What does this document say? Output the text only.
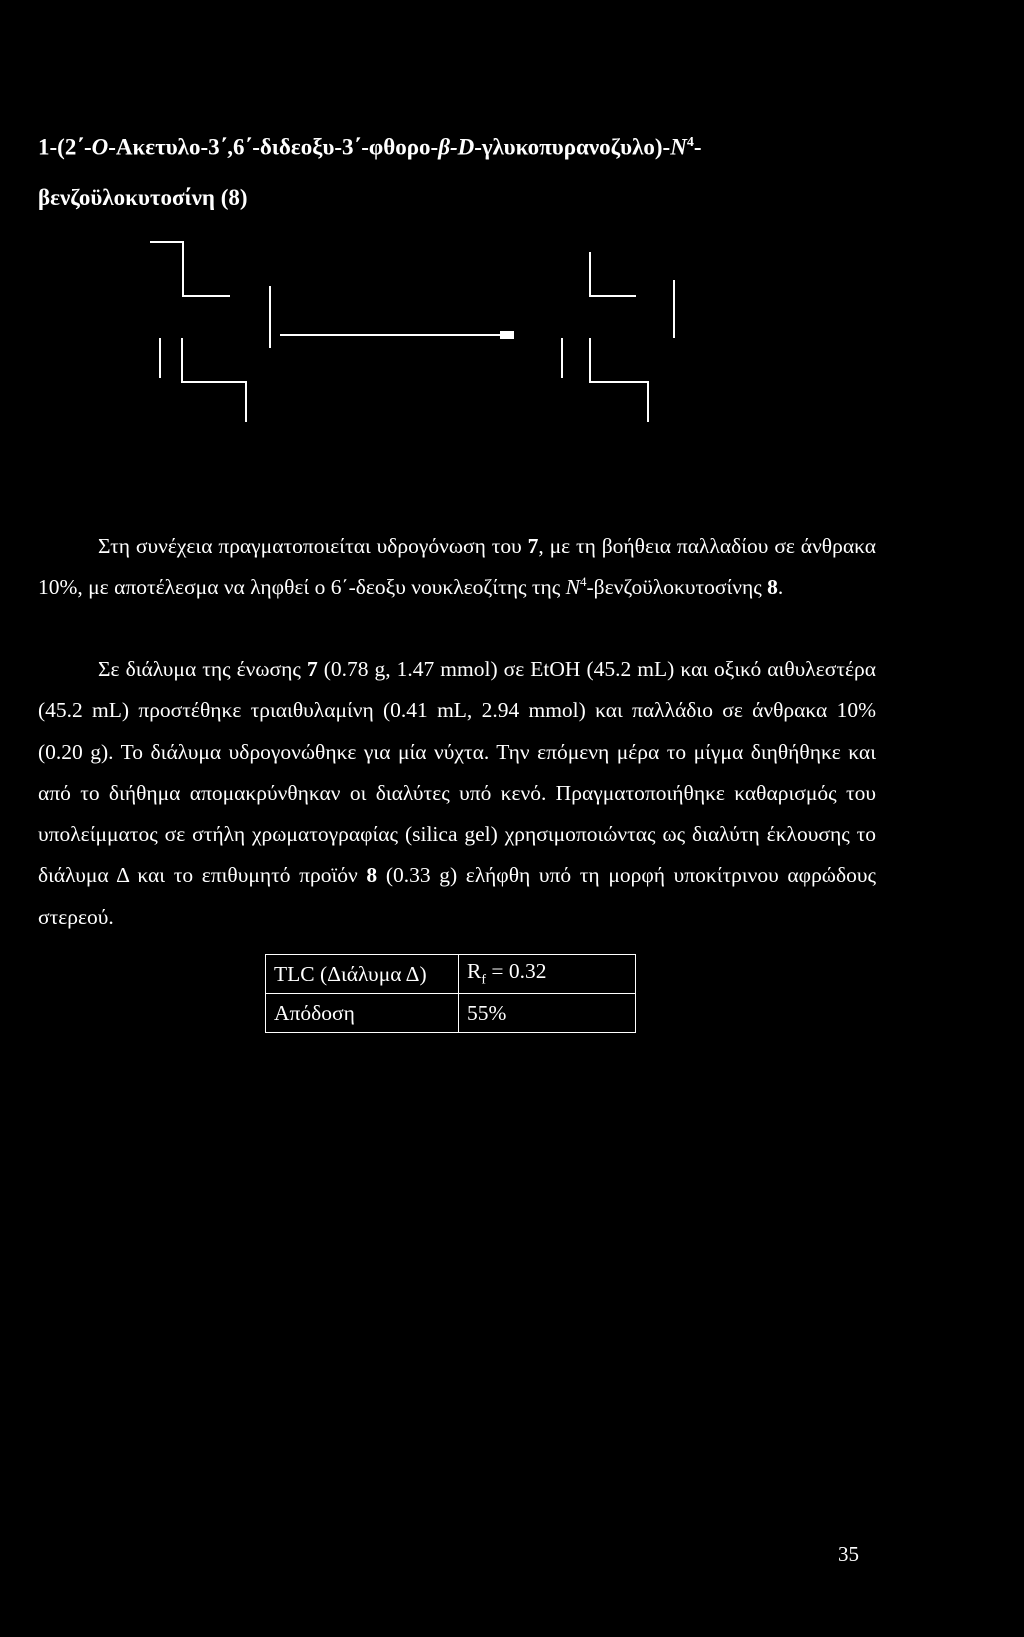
$1-(2΄-O-A\kappa\varepsilon\tau\upsilon\lambda o-3΄,6΄-\delta\iota\delta\varepsilon o\xi\upsilon-3΄-\varphi\theta o\rho o-\beta-D-\gamma\lambda\upsilon\kappa o\pi\upsilon\rho\alpha\nu o\zeta\upsilon\lambda o)-N^4-$
βενζοϋλοκυτοσίνη (8)

Στη συνέχεια πραγματοποιείται υδρογόνωση του 7, με τη βοήθεια παλλαδίου σε άνθρακα 10%, με αποτέλεσμα να ληφθεί ο 6΄-δεοξυ νουκλεοζίτης της $N^4$-βενζοϋλοκυτοσίνης 8.

Σε διάλυμα της ένωσης 7 (0.78 g, 1.47 mmol) σε EtOH (45.2 mL) και οξικό αιθυλεστέρα (45.2 mL) προστέθηκε τριαιθυλαμίνη (0.41 mL, 2.94 mmol) και παλλάδιο σε άνθρακα 10% (0.20 g). Το διάλυμα υδρογονώθηκε για μία νύχτα. Την επόμενη μέρα το μίγμα διηθήθηκε και από το διήθημα απομακρύνθηκαν οι διαλύτες υπό κενό. Πραγματοποιήθηκε καθαρισμός του υπολείμματος σε στήλη χρωματογραφίας (silica gel) χρησιμοποιώντας ως διαλύτη έκλουσης το διάλυμα Δ και το επιθυμητό προϊόν 8 (0.33 g) ελήφθη υπό τη μορφή υποκίτρινου αφρώδους στερεού.

TLC (Διάλυμα Δ)	$R_f = 0.32$
Απόδοση	55%
35
